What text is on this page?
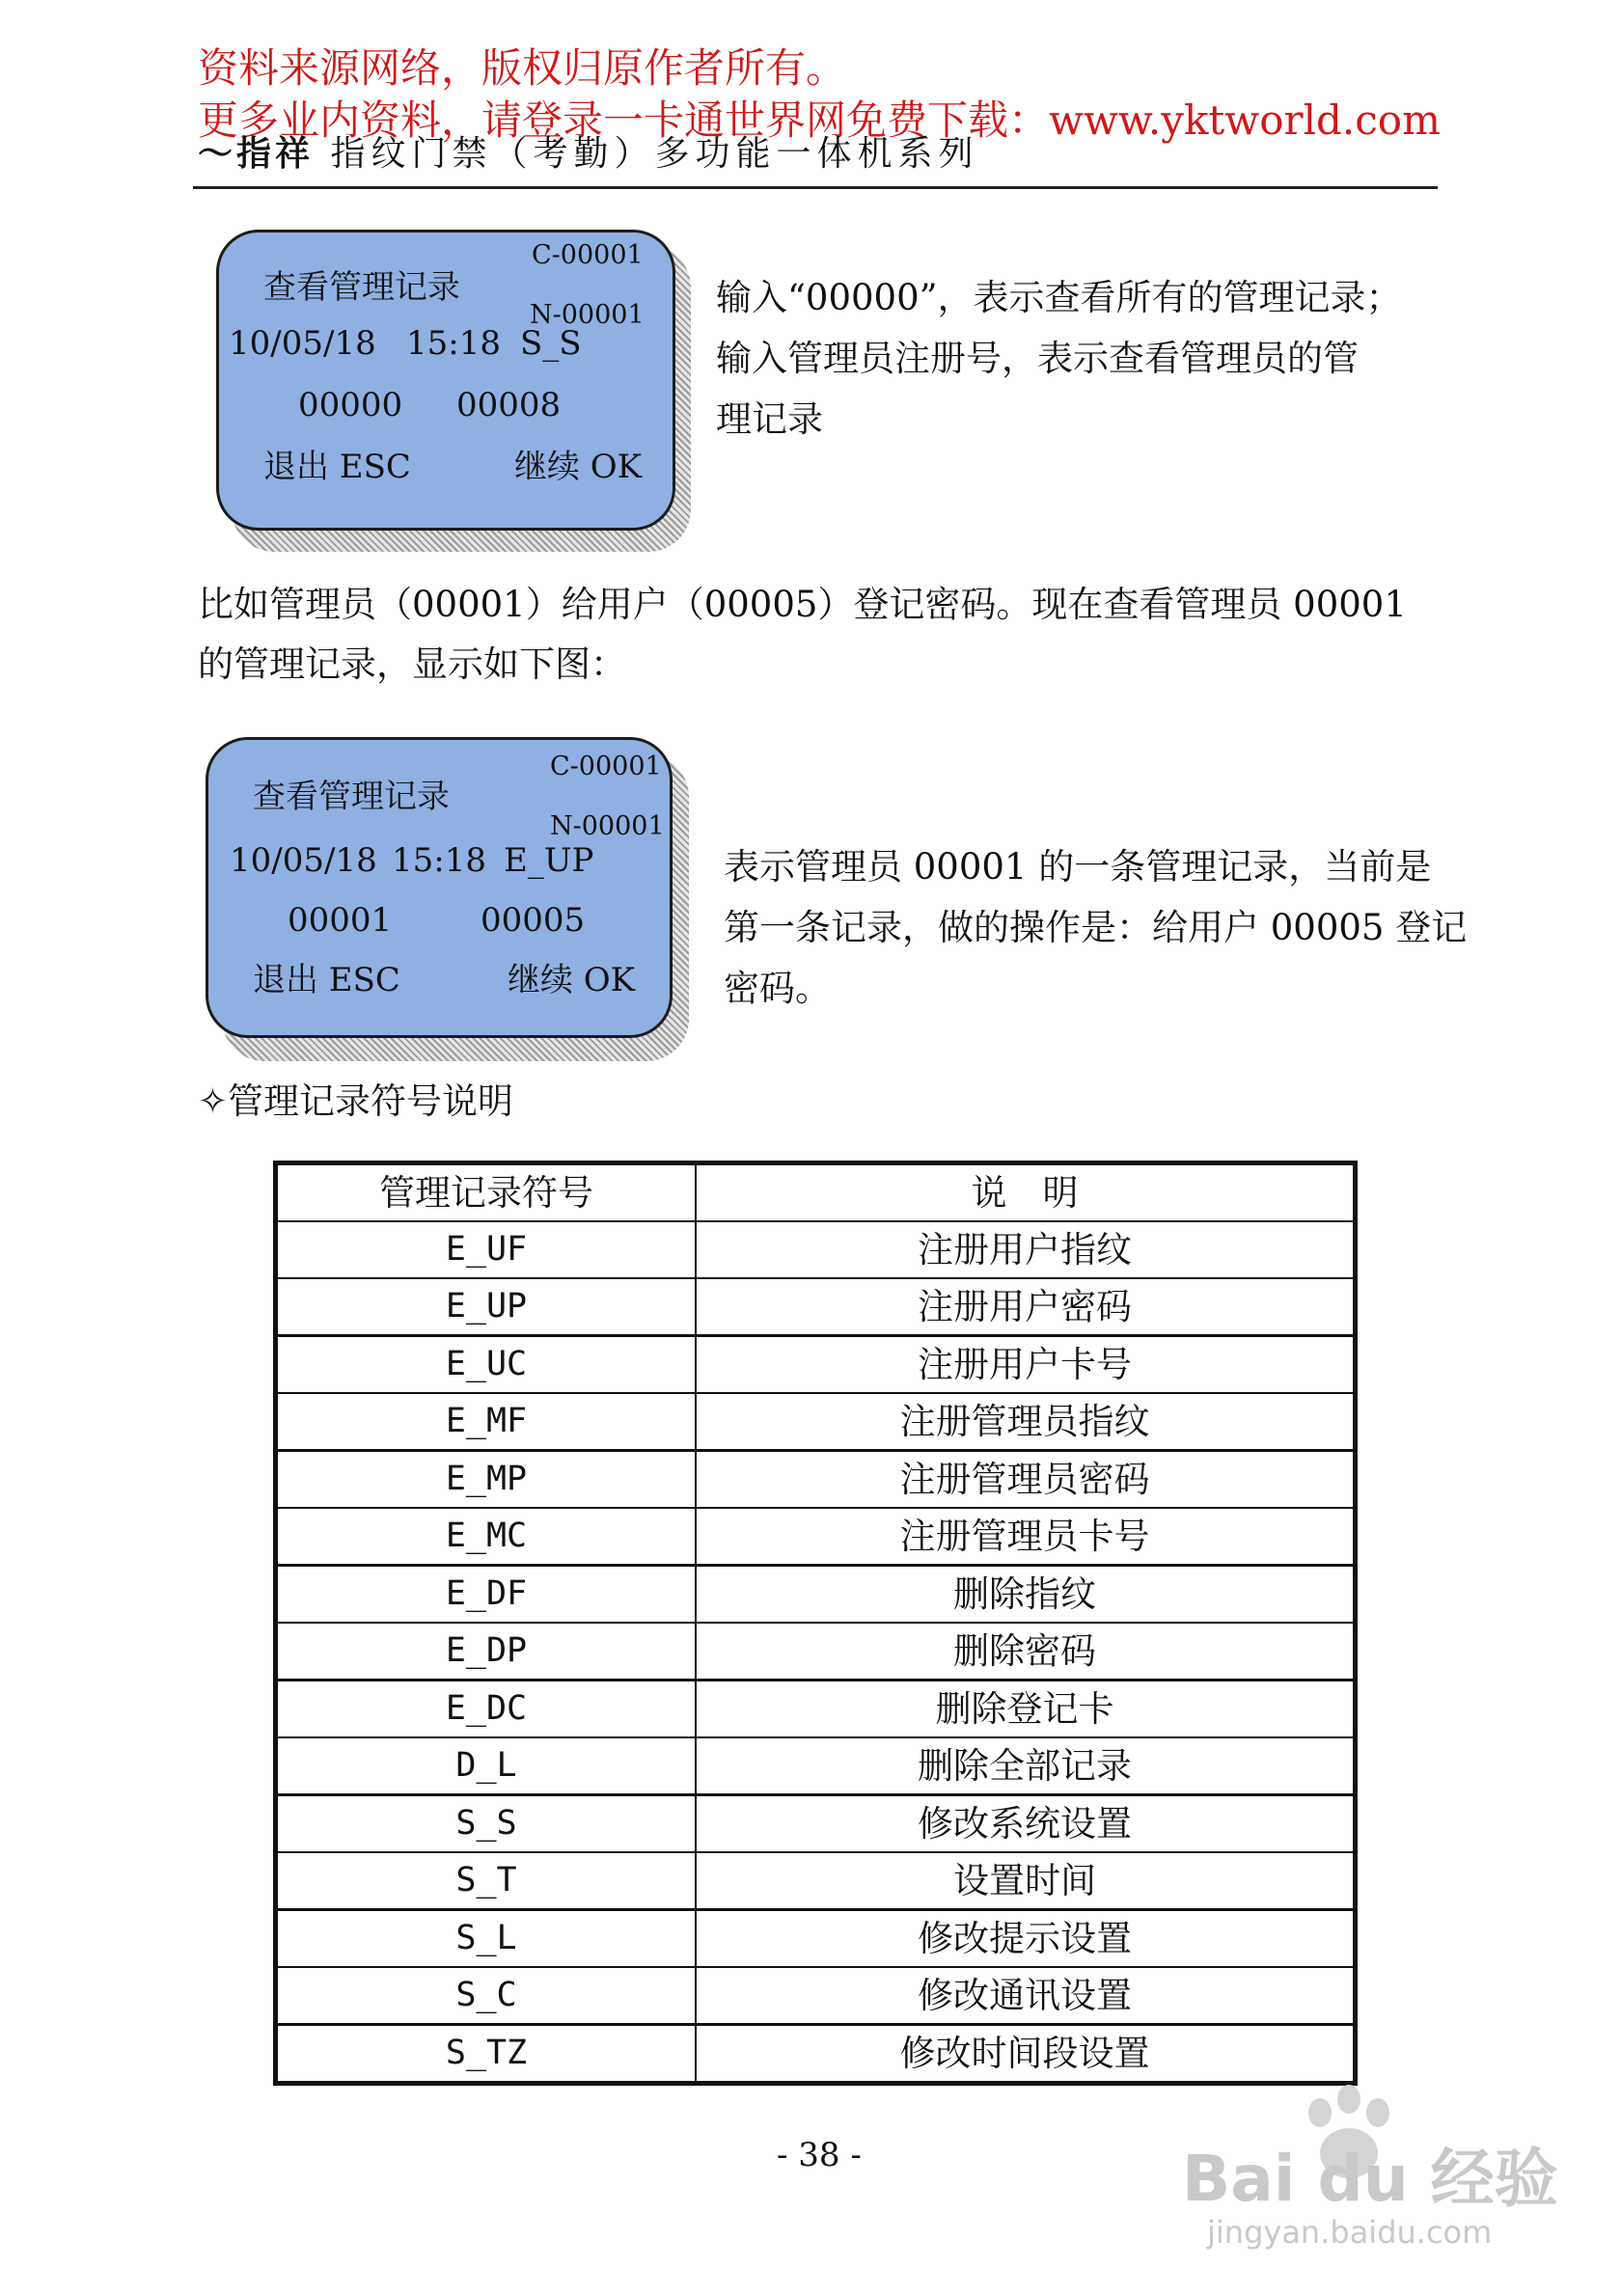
资料来源网络，版权归原作者所有。
更多业内资料，请登录一卡通世界网免费下载：www.yktworld.com
〜指祥 指纹门禁（考勤）多功能一体机系列
C-00001
查看管理记录
N-00001
10/05/18 15:18 S_S
00000 00008
退出 ESC	继续 OK
输入“00000”，表示查看所有的管理记录；
输入管理员注册号，表示查看管理员的管
理记录
比如管理员（00001）给用户（00005）登记密码。现在查看管理员 00001
的管理记录，显示如下图：
C-00001
查看管理记录
N-00001
10/05/18 15:18 E_UP
00001	00005
退出 ESC	继续 OK
表示管理员 00001 的一条管理记录，当前是
第一条记录，做的操作是：给用户 00005 登记
密码。
✧管理记录符号说明
管理记录符号	说　明
E_UF	注册用户指纹
E_UP	注册用户密码
E_UC	注册用户卡号
E_MF	注册管理员指纹
E_MP	注册管理员密码
E_MC	注册管理员卡号
E_DF	删除指纹
E_DP	删除密码
E_DC	删除登记卡
D_L	删除全部记录
S_S	修改系统设置
S_T	设置时间
S_L	修改提示设置
S_C	修改通讯设置
S_TZ	修改时间段设置
- 38 -	Bai du 经验
jingyan.baidu.com
